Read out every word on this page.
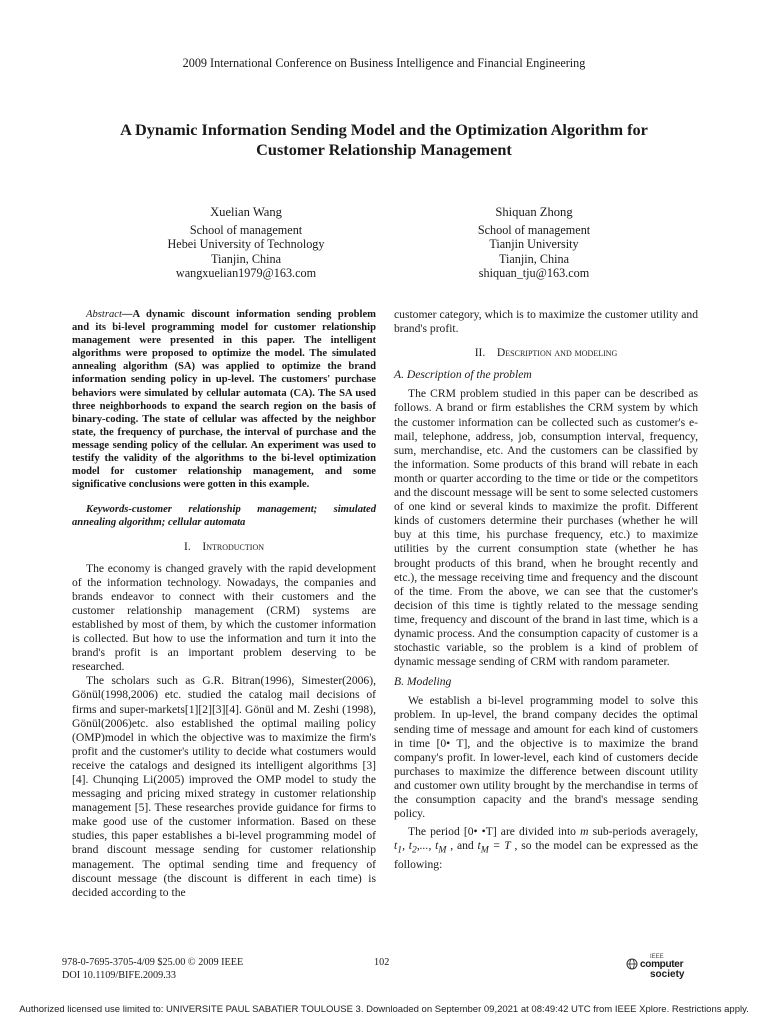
2009 International Conference on Business Intelligence and Financial Engineering
A Dynamic Information Sending Model and the Optimization Algorithm for
Customer Relationship Management
Xuelian Wang
School of management
Hebei University of Technology
Tianjin, China
wangxuelian1979@163.com
Shiquan Zhong
School of management
Tianjin University
Tianjin, China
shiquan_tju@163.com

Abstract—A dynamic discount information sending problem and its bi-level programming model for customer relationship management were presented in this paper. The intelligent algorithms were proposed to optimize the model. The simulated annealing algorithm (SA) was applied to optimize the brand information sending policy in up-level. The customers' purchase behaviors were simulated by cellular automata (CA). The SA used three neighborhoods to expand the search region on the basis of binary-coding. The state of cellular was affected by the neighbor state, the frequency of purchase, the interval of purchase and the message sending policy of the cellular. An experiment was used to testify the validity of the algorithms to the bi-level optimization model for customer relationship management, and some significative conclusions were gotten in this example.

Keywords-customer relationship management; simulated annealing algorithm; cellular automata

I. Introduction

The economy is changed gravely with the rapid development of the information technology. Nowadays, the companies and brands endeavor to connect with their customers and the customer relationship management (CRM) systems are established by most of them, by which the customer information is collected. But how to use the information and turn it into the brand's profit is an important problem deserving to be researched.

The scholars such as G.R. Bitran(1996), Simester(2006), Gönül(1998,2006) etc. studied the catalog mail decisions of firms and super-markets[1][2][3][4]. Gönül and M. Zeshi (1998), Gönül(2006)etc. also established the optimal mailing policy (OMP)model in which the objective was to maximize the firm's profit and the customer's utility to decide what costumers would receive the catalogs and designed its intelligent algorithms [3][4]. Chunqing Li(2005) improved the OMP model to study the messaging and pricing mixed strategy in customer relationship management [5]. These researches provide guidance for firms to make good use of the customer information. Based on these studies, this paper establishes a bi-level programming model of brand discount message sending for customer relationship management. The optimal sending time and frequency of discount message (the discount is different in each time) is decided according to the

customer category, which is to maximize the customer utility and brand's profit.

II. Description and modeling

A. Description of the problem

The CRM problem studied in this paper can be described as follows. A brand or firm establishes the CRM system by which the customer information can be collected such as customer's e-mail, telephone, address, job, consumption interval, frequency, sum, merchandise, etc. And the customers can be classified by the information. Some products of this brand will rebate in each month or quarter according to the time or tide or the competitors and the discount message will be sent to some selected customers of one kind or several kinds to maximize the profit. Different kinds of customers determine their purchases (whether he will buy at this time, his purchase frequency, etc.) to maximize utilities by the current consumption state (whether he has brought products of this brand, when he brought recently and etc.), the message receiving time and frequency and the discount of the time. From the above, we can see that the customer's decision of this time is tightly related to the message sending time, frequency and discount of the brand in last time, which is a dynamic process. And the consumption capacity of customer is a stochastic variable, so the problem is a kind of problem of dynamic message sending of CRM with random parameter.

B. Modeling

We establish a bi-level programming model to solve this problem. In up-level, the brand company decides the optimal sending time of message and amount for each kind of customers in time [0• T], and the objective is to maximize the brand company's profit. In lower-level, each kind of customers decide purchases to maximize the difference between discount utility and customer own utility brought by the merchandise in terms of the consumption capacity and the brand's message sending policy.

The period [0• •T] are divided into m sub-periods averagely, $t_1$, $t_2$,..., $t_M$ , and $t_M = T$ , so the model can be expressed as the following:

978-0-7695-3705-4/09 $25.00 © 2009 IEEE
DOI 10.1109/BIFE.2009.33
102	IEEE
computer
society
Authorized licensed use limited to: UNIVERSITE PAUL SABATIER TOULOUSE 3. Downloaded on September 09,2021 at 08:49:42 UTC from IEEE Xplore. Restrictions apply.
